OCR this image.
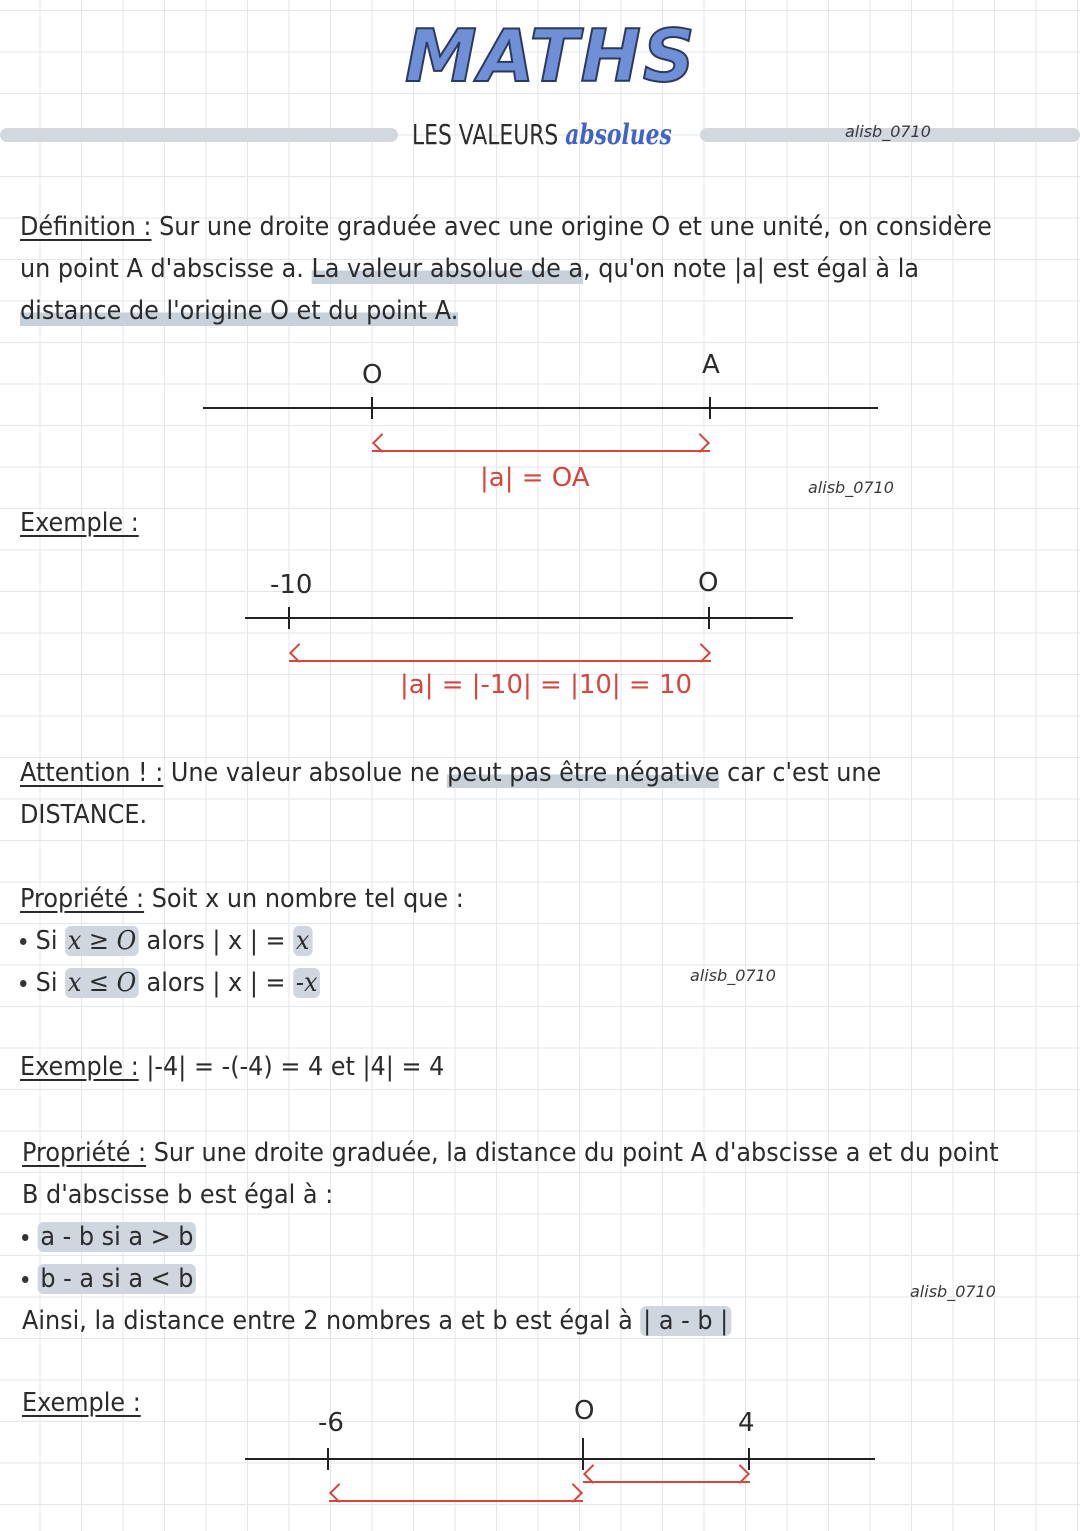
MATHS
LES VALEURS absolues	alisb_0710
Définition : Sur une droite graduée avec une origine O et une unité, on considère
un point A d'abscisse a. La valeur absolue de a, qu'on note |a| est égal à la
distance de l'origine O et du point A.
O	A
|a| = OA	alisb_0710
Exemple :
-10	O
|a| = |-10| = |10| = 10
Attention ! : Une valeur absolue ne peut pas être négative car c'est une
DISTANCE.
Propriété : Soit x un nombre tel que :
Si x ≥ O alors | x | = x
Si x ≤ O alors | x | = -x	alisb_0710
Exemple : |-4| = -(-4) = 4 et |4| = 4
Propriété : Sur une droite graduée, la distance du point A d'abscisse a et du point
B d'abscisse b est égal à :
a - b si a > b
b - a si a < b	alisb_0710
Ainsi, la distance entre 2 nombres a et b est égal à | a - b |
Exemple :
-6	O	4
